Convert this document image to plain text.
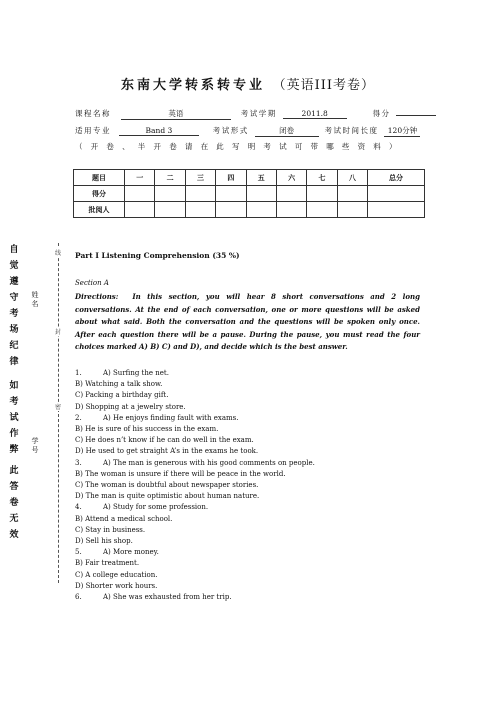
东南大学转系转专业 （英语III考卷）
课程名称	英语	考试学期	2011.8	得分
适用专业	Band 3	考试形式	闭卷	考试时间长度 120分钟
（开卷、半开卷请在此写明考试可带哪些资料）
题目	一	二	三	四	五	六	七	八	总分
得分									
批阅人									
自
觉
遵
守
考
场
纪
律
如
考
试
作
弊
此
答
卷
无
效
姓
名
学
号
线
封
密

Part I Listening Comprehension (35 %)

Section A

Directions: In this section, you will hear 8 short conversations and 2 long conversations. At the end of each conversation, one or more questions will be asked about what said. Both the conversation and the questions will be spoken only once. After each question there will be a pause. During the pause, you must read the four choices marked A) B) C) and D), and decide which is the best answer.

1.	A) Surfing the net.
B) Watching a talk show.
C) Packing a birthday gift.
D) Shopping at a jewelry store.
2.	A) He enjoys finding fault with exams.
B) He is sure of his success in the exam.
C) He does n’t know if he can do well in the exam.
D) He used to get straight A’s in the exams he took.
3.	A) The man is generous with his good comments on people.
B) The woman is unsure if there will be peace in the world.
C) The woman is doubtful about newspaper stories.
D) The man is quite optimistic about human nature.
4.	A) Study for some profession.
B) Attend a medical school.
C) Stay in business.
D) Sell his shop.
5.	A) More money.
B) Fair treatment.
C) A college education.
D) Shorter work hours.
6.	A) She was exhausted from her trip.
